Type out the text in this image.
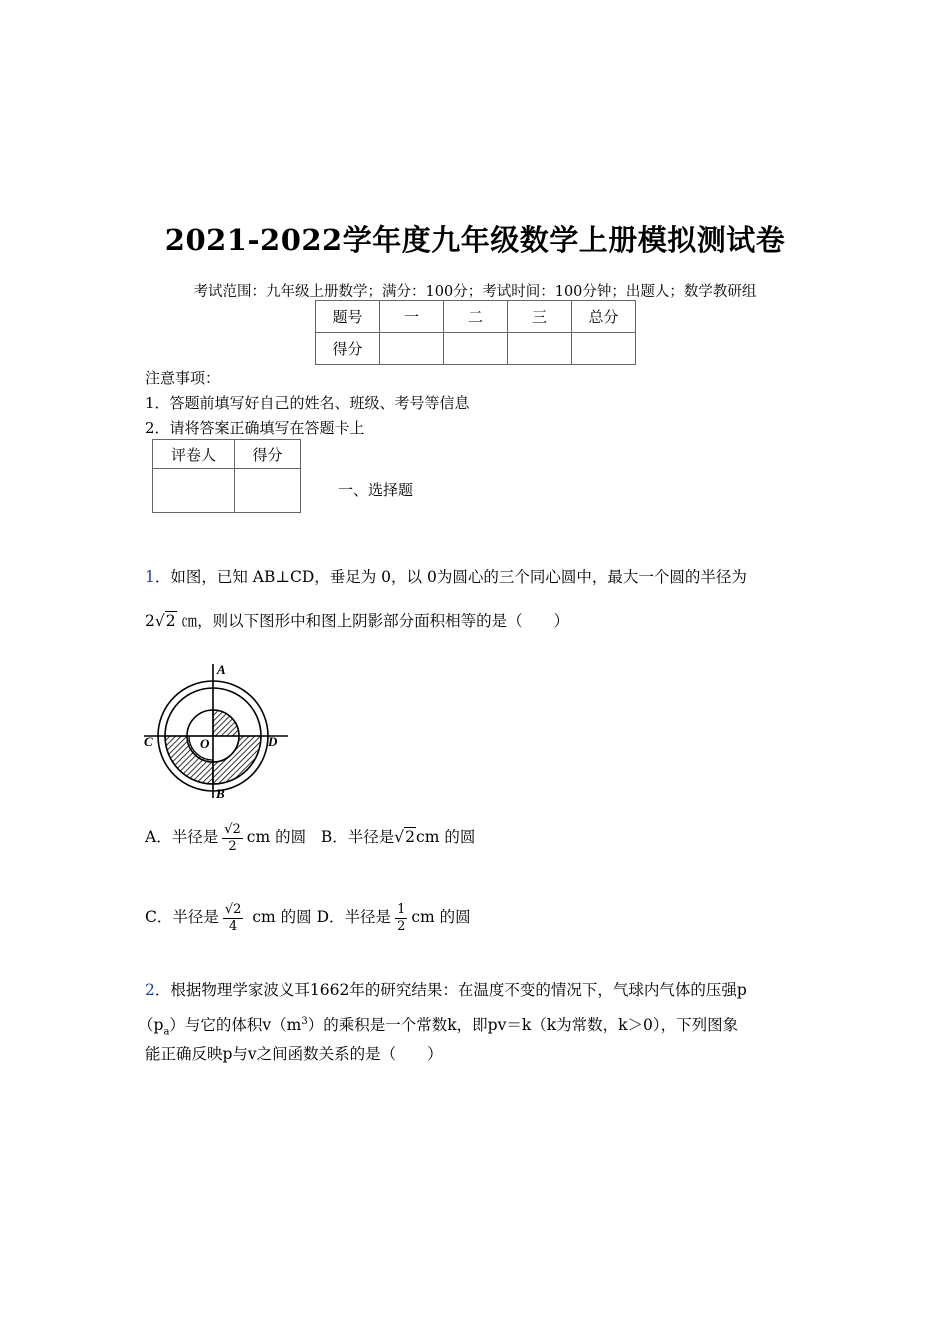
2021-2022学年度九年级数学上册模拟测试卷
考试范围：九年级上册数学；满分：100分；考试时间：100分钟；出题人；数学教研组
题号	一	二	三	总分
得分				
注意事项：
1．答题前填写好自己的姓名、班级、考号等信息
2．请将答案正确填写在答题卡上
评卷人	得分

一、选择题
1．如图，已知 AB⊥CD，垂足为 0，以 0为圆心的三个同心圆中，最大一个圆的半径为
2√2 ㎝，则以下图形中和图上阴影部分面积相等的是（　　）
A
B
C	D
O
A．半径是 $\frac{√2}{2}$ cm 的圆 B．半径是√2cm 的圆
C．半径是 $\frac{√2}{4}$ cm 的圆 D．半径是 $\frac{1}{2}$ cm 的圆
2．根据物理学家波义耳1662年的研究结果：在温度不变的情况下，气球内气体的压强p
$(p_a)$与它的体积$v(m^3)$的乘积是一个常数k，即pv＝k（k为常数，k＞0），下列图象
能正确反映p与v之间函数关系的是（　　）
